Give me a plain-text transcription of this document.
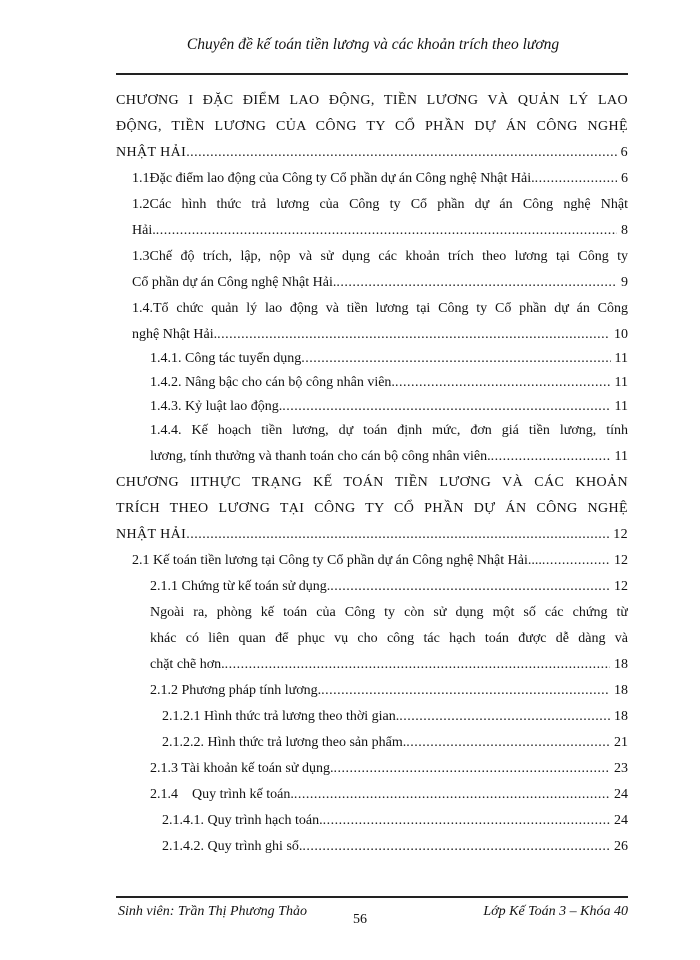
Chuyên đề kế toán tiền lương và các khoản trích theo lương
CHƯƠNG I ĐẶC ĐIỂM LAO ĐỘNG, TIỀN LƯƠNG VÀ QUẢN LÝ LAO
ĐỘNG, TIỀN LƯƠNG CỦA CÔNG TY CỔ PHẦN DỰ ÁN CÔNG NGHỆ
NHẬT HẢI. .....	6
1.1Đặc điểm lao động của Công ty Cổ phần dự án Công nghệ Nhật Hải. .....	6
1.2Các hình thức trả lương của Công ty Cổ phần dự án Công nghệ Nhật
Hải. .....	8
1.3Chế độ trích, lập, nộp và sử dụng các khoản trích theo lương tại Công ty
Cổ phần dự án Công nghệ Nhật Hải. .....	9
1.4.Tổ chức quản lý lao động và tiền lương tại Công ty Cổ phần dự án Công
nghệ Nhật Hải. .....	10
1.4.1. Công tác tuyển dụng .....	11
1.4.2. Nâng bậc cho cán bộ công nhân viên. .....	11
1.4.3. Kỷ luật lao động. .....	11
1.4.4. Kế hoạch tiền lương, dự toán định mức, đơn giá tiền lương, tính
lương, tính thưởng và thanh toán cho cán bộ công nhân viên. .....	11
CHƯƠNG IITHỰC TRẠNG KẾ TOÁN TIỀN LƯƠNG VÀ CÁC KHOẢN
TRÍCH THEO LƯƠNG TẠI CÔNG TY CỔ PHẦN DỰ ÁN CÔNG NGHỆ
NHẬT HẢI .....	12
2.1 Kế toán tiền lương tại Công ty Cổ phần dự án Công nghệ Nhật Hải.... .....	12
2.1.1 Chứng từ kế toán sử dụng. .....	12
Ngoài ra, phòng kế toán của Công ty còn sử dụng một số các chứng từ
khác có liên quan để phục vụ cho công tác hạch toán được dễ dàng và
chặt chẽ hơn. .....	18
2.1.2 Phương pháp tính lương. .....	18
2.1.2.1 Hình thức trả lương theo thời gian. .....	18
2.1.2.2. Hình thức trả lương theo sản phẩm. .....	21
2.1.3 Tài khoản kế toán sử dụng. .....	23
2.1.4    Quy trình kế toán. .....	24
2.1.4.1. Quy trình hạch toán. .....	24
2.1.4.2. Quy trình ghi sổ. .....	26
Sinh viên: Trần Thị Phương Thảo
56
Lớp Kế Toán 3 – Khóa 40
